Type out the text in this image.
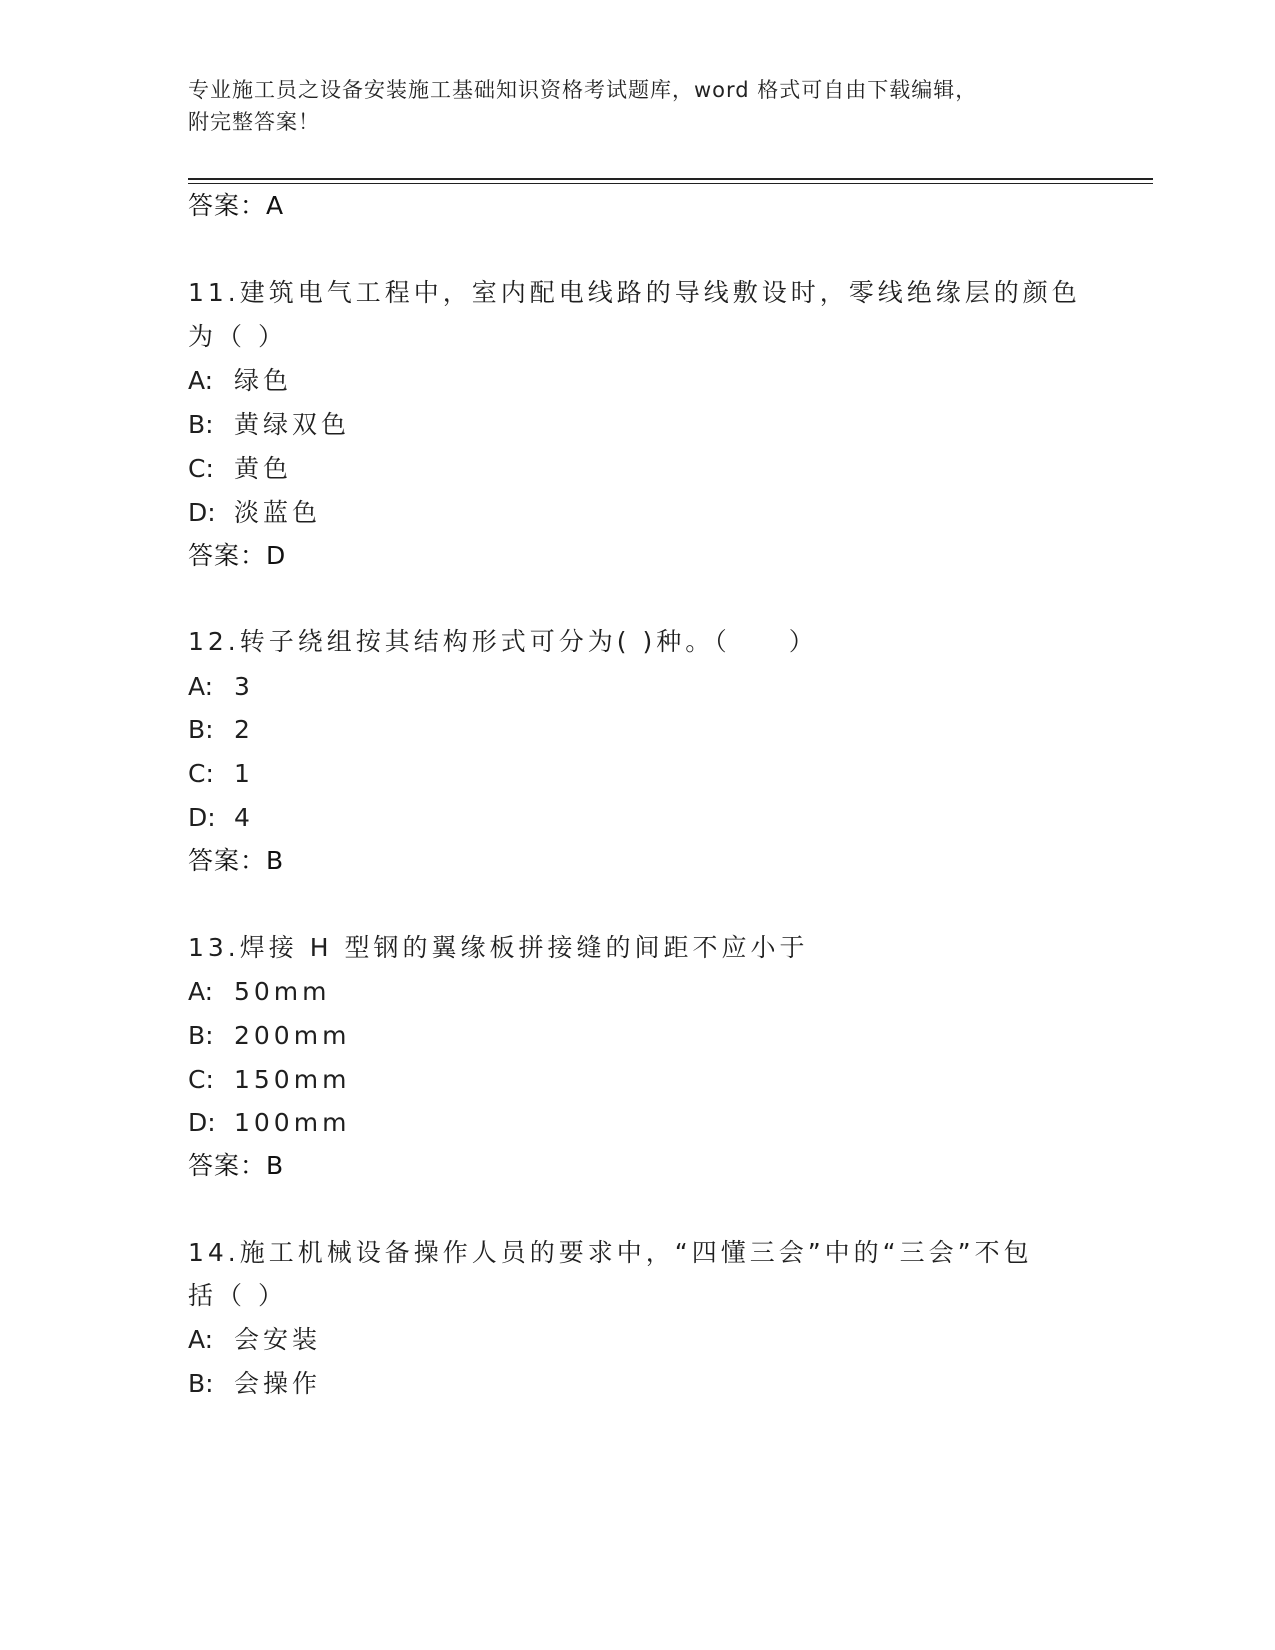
专业施工员之设备安装施工基础知识资格考试题库，word 格式可自由下载编辑，
附完整答案！
答案：A
11.建筑电气工程中，室内配电线路的导线敷设时，零线绝缘层的颜色
为（ ）
A: 绿色
B: 黄绿双色
C: 黄色
D: 淡蓝色
答案：D
12.转子绕组按其结构形式可分为( )种。（　　）
A: 3
B: 2
C: 1
D: 4
答案：B
13.焊接 H 型钢的翼缘板拼接缝的间距不应小于
A: 50mm
B: 200mm
C: 150mm
D: 100mm
答案：B
14.施工机械设备操作人员的要求中，“四懂三会”中的“三会”不包
括（ ）
A: 会安装
B: 会操作
